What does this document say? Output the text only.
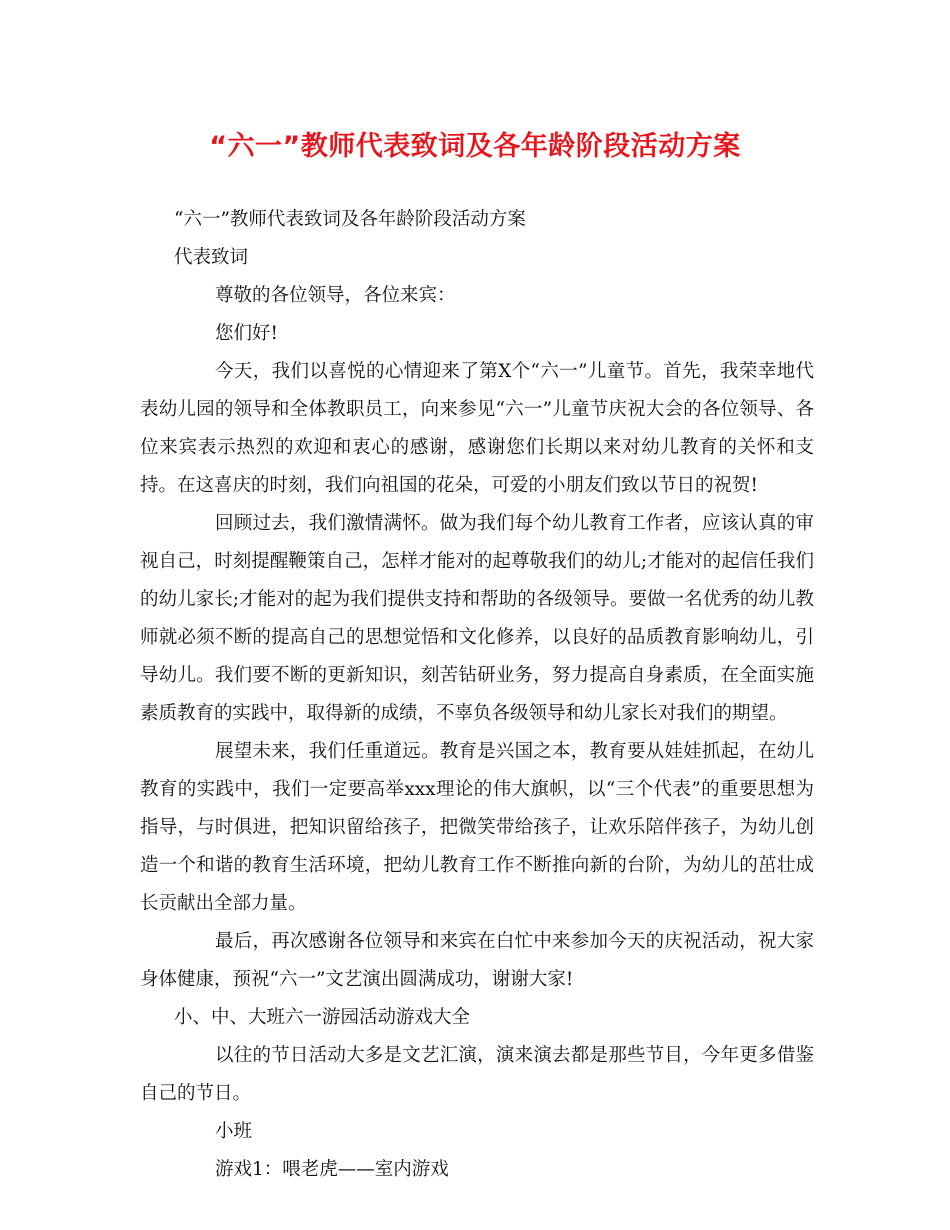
“六一”教师代表致词及各年龄阶段活动方案

“六一”教师代表致词及各年龄阶段活动方案

代表致词

尊敬的各位领导，各位来宾：

您们好!

今天，我们以喜悦的心情迎来了第X个“六一”儿童节。首先，我荣幸地代表幼儿园的领导和全体教职员工，向来参见“六一”儿童节庆祝大会的各位领导、各位来宾表示热烈的欢迎和衷心的感谢，感谢您们长期以来对幼儿教育的关怀和支持。在这喜庆的时刻，我们向祖国的花朵，可爱的小朋友们致以节日的祝贺!

回顾过去，我们激情满怀。做为我们每个幼儿教育工作者，应该认真的审视自己，时刻提醒鞭策自己，怎样才能对的起尊敬我们的幼儿;才能对的起信任我们的幼儿家长;才能对的起为我们提供支持和帮助的各级领导。要做一名优秀的幼儿教师就必须不断的提高自己的思想觉悟和文化修养，以良好的品质教育影响幼儿，引导幼儿。我们要不断的更新知识，刻苦钻研业务，努力提高自身素质，在全面实施素质教育的实践中，取得新的成绩，不辜负各级领导和幼儿家长对我们的期望。

展望未来，我们任重道远。教育是兴国之本，教育要从娃娃抓起，在幼儿教育的实践中，我们一定要高举xxx理论的伟大旗帜，以“三个代表”的重要思想为指导，与时俱进，把知识留给孩子，把微笑带给孩子，让欢乐陪伴孩子，为幼儿创造一个和谐的教育生活环境，把幼儿教育工作不断推向新的台阶，为幼儿的茁壮成长贡献出全部力量。

最后，再次感谢各位领导和来宾在白忙中来参加今天的庆祝活动，祝大家身体健康，预祝“六一”文艺演出圆满成功，谢谢大家!

小、中、大班六一游园活动游戏大全

以往的节日活动大多是文艺汇演，演来演去都是那些节目，今年更多借鉴自己的节日。

小班

游戏1：喂老虎——室内游戏
